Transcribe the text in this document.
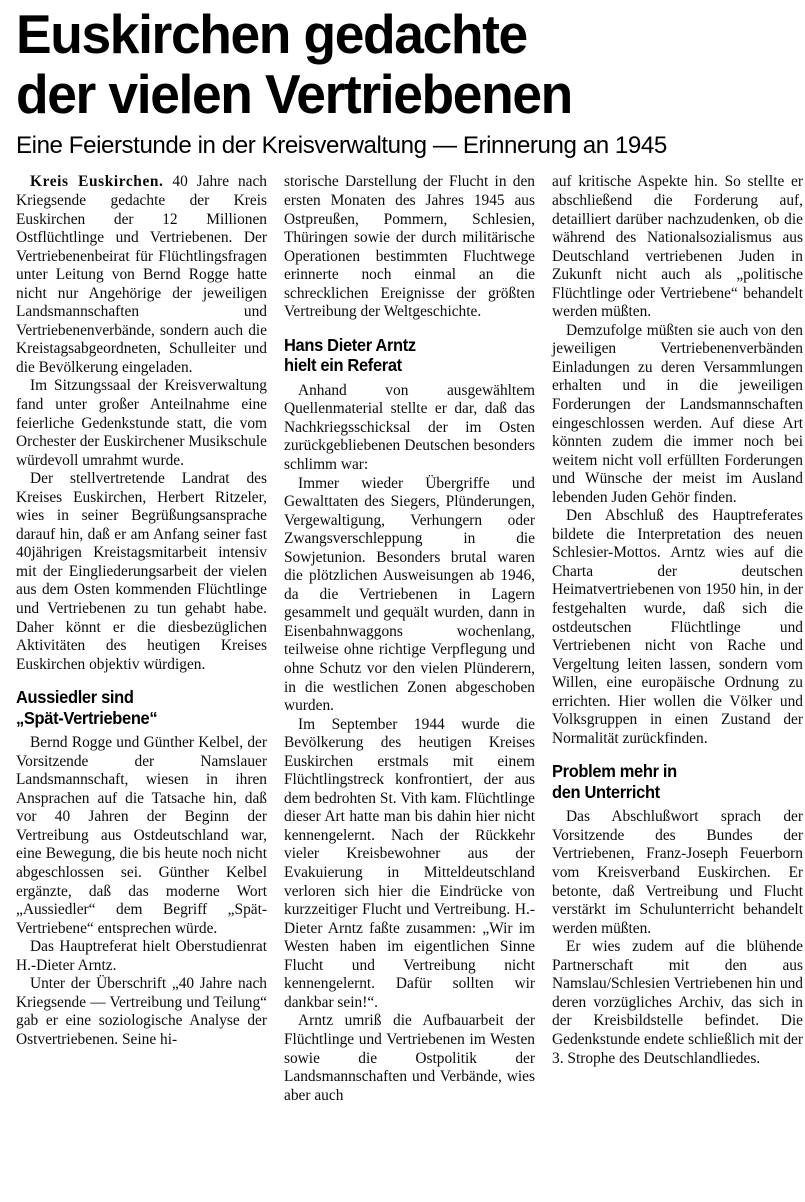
Euskirchen gedachte
der vielen Vertriebenen
Eine Feierstunde in der Kreisverwaltung — Erinnerung an 1945

Kreis Euskirchen. 40 Jahre nach Kriegsende gedachte der Kreis Euskirchen der 12 Millionen Ostflüchtlinge und Vertriebenen. Der Vertriebenenbeirat für Flüchtlingsfragen unter Leitung von Bernd Rogge hatte nicht nur Angehörige der jeweiligen Landsmannschaften und Vertriebenenverbände, sondern auch die Kreistagsabgeordneten, Schulleiter und die Bevölkerung eingeladen.

Im Sitzungssaal der Kreisverwaltung fand unter großer Anteilnahme eine feierliche Gedenkstunde statt, die vom Orchester der Euskirchener Musikschule würdevoll umrahmt wurde.

Der stellvertretende Landrat des Kreises Euskirchen, Herbert Ritzeler, wies in seiner Begrüßungsansprache darauf hin, daß er am Anfang seiner fast 40jährigen Kreistagsmitarbeit intensiv mit der Eingliederungsarbeit der vielen aus dem Osten kommenden Flüchtlinge und Vertriebenen zu tun gehabt habe. Daher könnt er die diesbezüglichen Aktivitäten des heutigen Kreises Euskirchen objektiv würdigen.

Aussiedler sind
„Spät-Vertriebene“

Bernd Rogge und Günther Kelbel, der Vorsitzende der Namslauer Landsmannschaft, wiesen in ihren Ansprachen auf die Tatsache hin, daß vor 40 Jahren der Beginn der Vertreibung aus Ostdeutschland war, eine Bewegung, die bis heute noch nicht abgeschlossen sei. Günther Kelbel ergänzte, daß das moderne Wort „Aussiedler“ dem Begriff „Spät-Vertriebene“ entsprechen würde.

Das Hauptreferat hielt Oberstudienrat H.-Dieter Arntz.

Unter der Überschrift „40 Jahre nach Kriegsende — Vertreibung und Teilung“ gab er eine soziologische Analyse der Ostvertriebenen. Seine hi-

storische Darstellung der Flucht in den ersten Monaten des Jahres 1945 aus Ostpreußen, Pommern, Schlesien, Thüringen sowie der durch militärische Operationen bestimmten Fluchtwege erinnerte noch einmal an die schrecklichen Ereignisse der größten Vertreibung der Weltgeschichte.

Hans Dieter Arntz
hielt ein Referat

Anhand von ausgewähltem Quellenmaterial stellte er dar, daß das Nachkriegsschicksal der im Osten zurückgebliebenen Deutschen besonders schlimm war:

Immer wieder Übergriffe und Gewalttaten des Siegers, Plünderungen, Vergewaltigung, Verhungern oder Zwangsverschleppung in die Sowjetunion. Besonders brutal waren die plötzlichen Ausweisungen ab 1946, da die Vertriebenen in Lagern gesammelt und gequält wurden, dann in Eisenbahnwaggons wochenlang, teilweise ohne richtige Verpflegung und ohne Schutz vor den vielen Plünderern, in die westlichen Zonen abgeschoben wurden.

Im September 1944 wurde die Bevölkerung des heutigen Kreises Euskirchen erstmals mit einem Flüchtlingstreck konfrontiert, der aus dem bedrohten St. Vith kam. Flüchtlinge dieser Art hatte man bis dahin hier nicht kennengelernt. Nach der Rückkehr vieler Kreisbewohner aus der Evakuierung in Mitteldeutschland verloren sich hier die Eindrücke von kurzzeitiger Flucht und Vertreibung. H.-Dieter Arntz faßte zusammen: „Wir im Westen haben im eigentlichen Sinne Flucht und Vertreibung nicht kennengelernt. Dafür sollten wir dankbar sein!“.

Arntz umriß die Aufbauarbeit der Flüchtlinge und Vertriebenen im Westen sowie die Ostpolitik der Landsmannschaften und Verbände, wies aber auch

auf kritische Aspekte hin. So stellte er abschließend die Forderung auf, detailliert darüber nachzudenken, ob die während des Nationalsozialismus aus Deutschland vertriebenen Juden in Zukunft nicht auch als „politische Flüchtlinge oder Vertriebene“ behandelt werden müßten.

Demzufolge müßten sie auch von den jeweiligen Vertriebenenverbänden Einladungen zu deren Versammlungen erhalten und in die jeweiligen Forderungen der Landsmannschaften eingeschlossen werden. Auf diese Art könnten zudem die immer noch bei weitem nicht voll erfüllten Forderungen und Wünsche der meist im Ausland lebenden Juden Gehör finden.

Den Abschluß des Hauptreferates bildete die Interpretation des neuen Schlesier-Mottos. Arntz wies auf die Charta der deutschen Heimatvertriebenen von 1950 hin, in der festgehalten wurde, daß sich die ostdeutschen Flüchtlinge und Vertriebenen nicht von Rache und Vergeltung leiten lassen, sondern vom Willen, eine europäische Ordnung zu errichten. Hier wollen die Völker und Volksgruppen in einen Zustand der Normalität zurückfinden.

Problem mehr in
den Unterricht

Das Abschlußwort sprach der Vorsitzende des Bundes der Vertriebenen, Franz-Joseph Feuerborn vom Kreisverband Euskirchen. Er betonte, daß Vertreibung und Flucht verstärkt im Schulunterricht behandelt werden müßten.

Er wies zudem auf die blühende Partnerschaft mit den aus Namslau/Schlesien Vertriebenen hin und deren vorzügliches Archiv, das sich in der Kreisbildstelle befindet. Die Gedenkstunde endete schließlich mit der 3. Strophe des Deutschlandliedes.
